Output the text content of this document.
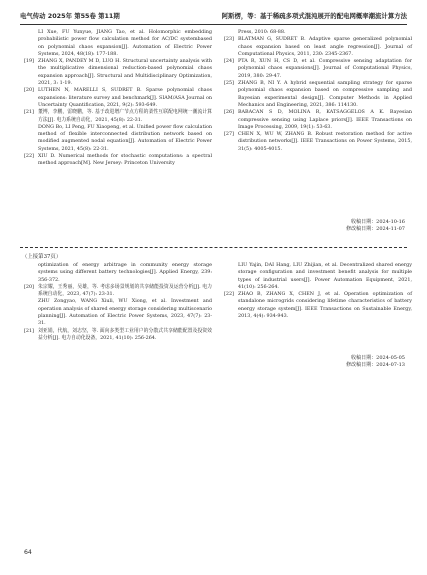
电气传动 2025年 第55卷 第11期	阿斯楞，等：基于稀疏多项式混沌展开的配电网概率潮流计算方法
LI Xue, FU Yunyue, JIANG Tao, et al. Holomorphic embedding probabilistic power flow calculation method for AC/DC systembased on polynomial chaos expansion[J]. Automation of Electric Power Systems, 2024, 48(18): 177-188.
[19] ZHANG X, PANDEY M D, LUO H. Structural uncertainty analysis with the multiplicative dimensional reduction-based polynomial chaos expansion approach[J]. Structural and Multidisciplinary Optimization, 2021, 3: 1-19.
[20] LUTHEN N, MARELLI S, SUDRET B. Sparse polynomial chaos expansions: literature survey and benchmark[J]. SIAM/ASA Journal on Uncertainty Quantification, 2021, 9(2): 593-649.
[21] 董博，李鹏，雷晓鹏，等. 基于改进增广节点方程的柔性互联配电网统一潮流计算方法[J]. 电力系统自动化，2021, 45(8): 22-31.
DONG Bo, LI Peng, FU Xiaopeng, et al. Unified power flow calculation method of flexible interconnected distribution network based on modified augmented nodal equation[J]. Automation of Electric Power Systems, 2021, 45(8): 22-31.
[22] XIU D. Numerical methods for stochastic computations: a spectral method approach[M]. New Jersey: Princeton University
Press, 2010: 68-88.
[23] BLATMAN G, SUDRET B. Adaptive sparse generalized polynomial chaos expansion based on least angle regression[J]. Journal of Computational Physics, 2011, 230: 2345-2367.
[24] PTA R, XUN H, CS D, et al. Compressive sensing adaptation for polynomial chaos expansions[J]. Journal of Computational Physics, 2019, 380: 29-47.
[25] ZHANG B, NI Y. A hybrid sequential sampling strategy for sparse polynomial chaos expansion based on compressive sampling and Bayesian experimental design[J]. Computer Methods in Applied Mechanics and Engineering, 2021, 386: 114130.
[26] BABACAN S D, MOLINA R, KATSAGGELOS A K. Bayesian compressive sensing using Laplace priors[J]. IEEE Transactions on Image Processing, 2009, 19(1): 53-63.
[27] CHEN X, WU W, ZHANG B. Robust restoration method for active distribution networks[J]. IEEE Transactions on Power Systems, 2015, 31(5): 4005-4015.
收稿日期：2024-10-16
修改稿日期：2024-11-07
（上接第37页）
optimization of energy arbitrage in community energy storage systems using different battery technologies[J]. Applied Energy, 239: 356-372.
[20] 朱宗耀，王秀丽，吴雄，等. 考虑多场景规划的共享储能投资及运营分析[J]. 电力系统自动化，2023, 47(7): 23-31.
ZHU Zongyao, WANG Xiuli, WU Xiong, et al. Investment and operation analysis of shared energy storage considering multiscenario planning[J]. Automation of Electric Power Systems, 2023, 47(7): 23-31.
[21] 刘亚娟，代航，刘志坚，等. 面向多类型工业用户的分散式共享储能配置及投资效益分析[J]. 电力自动化设备，2021, 41(10): 256-264.
LIU Yajin, DAI Hang, LIU Zhijian, et al. Decentralized shared energy storage configuration and investment benefit analysis for multiple types of industrial users[J]. Power Automation Equipment, 2021, 41(10): 256-264.
[22] ZHAO B, ZHANG X, CHEN J, et al. Operation optimization of standalone microgrids considering lifetime characteristics of battery energy storage system[J]. IEEE Transactions on Sustainable Energy, 2013, 4(4): 934-943.
收稿日期：2024-05-05
修改稿日期：2024-07-13
64
